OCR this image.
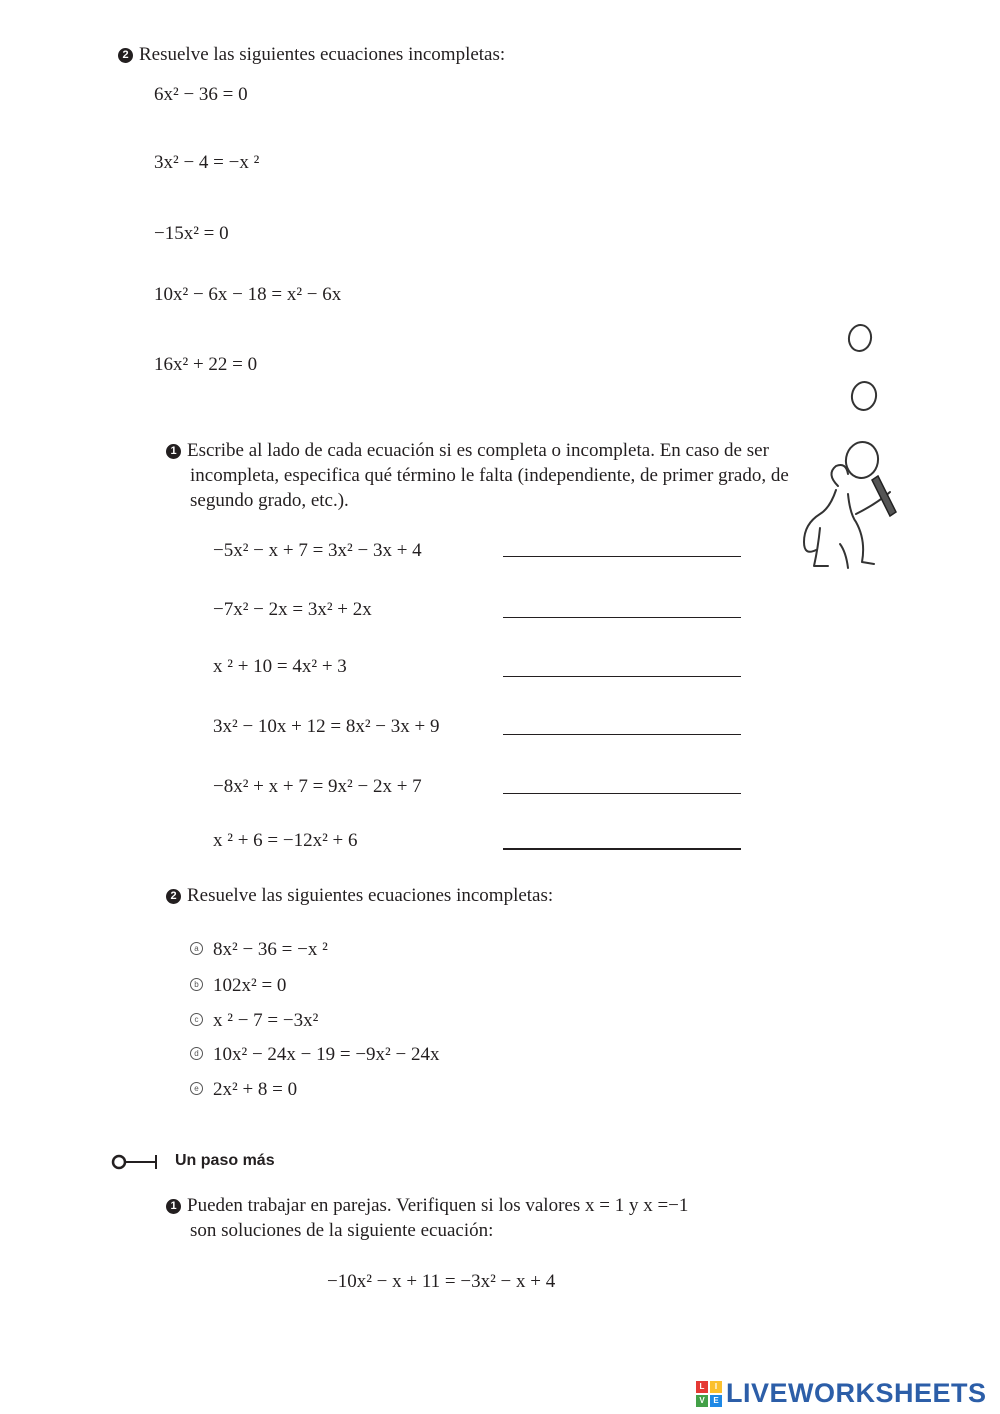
2 Resuelve las siguientes ecuaciones incompletas:
6x² − 36 = 0
3x² − 4 = −x ²
−15x² = 0
10x² − 6x − 18 = x² − 6x
16x² + 22 = 0
1 Escribe al lado de cada ecuación si es completa o incompleta. En caso de ser
incompleta, especifica qué término le falta (independiente, de primer grado, de
segundo grado, etc.).
−5x² − x + 7 = 3x² − 3x + 4
−7x² − 2x = 3x² + 2x
x ² + 10 = 4x² + 3
3x² − 10x + 12 = 8x² − 3x + 9
−8x² + x + 7 = 9x² − 2x + 7
x ² + 6 = −12x² + 6
2 Resuelve las siguientes ecuaciones incompletas:
a 8x² − 36 = −x ²
b 102x² = 0
c x ² − 7 = −3x²
d 10x² − 24x − 19 = −9x² − 24x
e 2x² + 8 = 0
Un paso más
1 Pueden trabajar en parejas. Verifiquen si los valores x = 1 y x =−1
son soluciones de la siguiente ecuación:
−10x² − x + 11 = −3x² − x + 4
L	I
V	E LIVEWORKSHEETS
